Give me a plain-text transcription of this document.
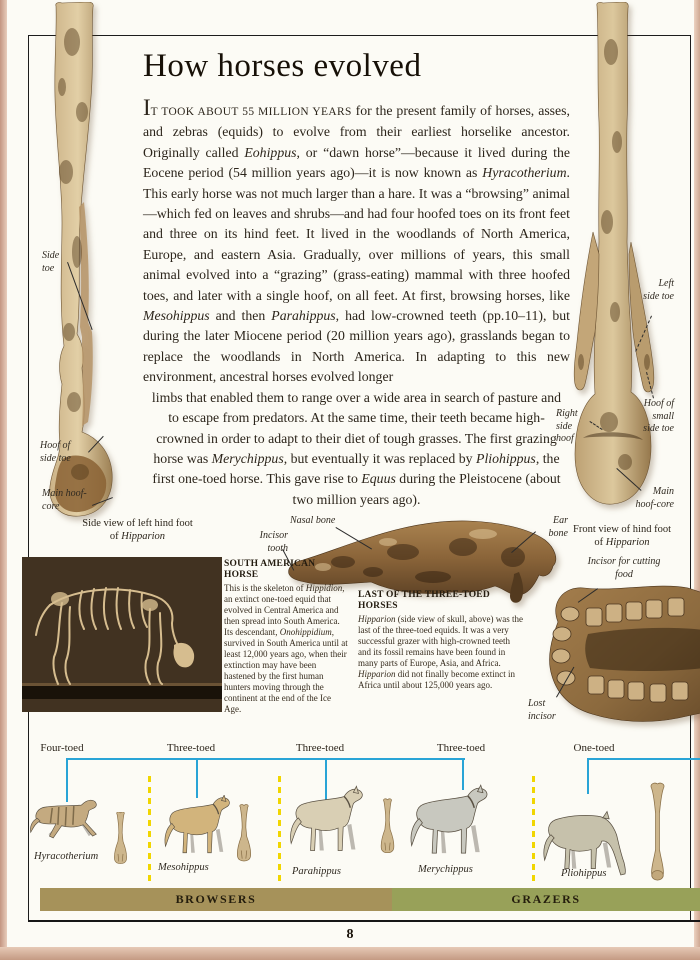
How horses evolved
IT TOOK ABOUT 55 MILLION YEARS for the present family of horses, asses, and zebras (equids) to evolve from their earliest horselike ancestor. Originally called Eohippus, or “dawn horse”—because it lived during the Eocene period (54 million years ago)—it is now known as Hyracotherium. This early horse was not much larger than a hare. It was a “browsing” animal—which fed on leaves and shrubs—and had four hoofed toes on its front feet and three on its hind feet. It lived in the woodlands of North America, Europe, and eastern Asia. Gradually, over millions of years, this small animal evolved into a “grazing” (grass-eating) mammal with three hoofed toes, and later with a single hoof, on all feet. At first, browsing horses, like Mesohippus and then Parahippus, had low-crowned teeth (pp.10–11), but during the later Miocene period (20 million years ago), grasslands began to replace the woodlands in North America. In adapting to this new environment, ancestral horses evolved longer
limbs that enabled them to range over a wide area in search of pasture and to escape from predators. At the same time, their teeth became high-crowned in order to adapt to their diet of tough grasses. The first grazing horse was Merychippus, but eventually it was replaced by Pliohippus, the first one-toed horse. This gave rise to Equus during the Pleistocene (about two million years ago).
Side toe
Hoof of side toe
Main hoof-core
Left side toe
Right side hoof
Hoof of small side toe
Main hoof-core
Nasal bone
Incisor tooth
Ear bone
Incisor for cutting food
Lost incisor
Side view of left hind foot of Hipparion
Front view of hind foot of Hipparion
SOUTH AMERICAN HORSE
This is the skeleton of Hippidion, an extinct one-toed equid that evolved in Central America and then spread into South America. Its descendant, Onohippidium, survived in South America until at least 12,000 years ago, when their extinction may have been hastened by the first human hunters moving through the continent at the end of the Ice Age.
LAST OF THE THREE-TOED HORSES
Hipparion (side view of skull, above) was the last of the three-toed equids. It was a very successful grazer with high-crowned teeth and its fossil remains have been found in many parts of Europe, Asia, and Africa. Hipparion did not finally become extinct in Africa until about 125,000 years ago.
Four-toed	Three-toed	Three-toed	Three-toed	One-toed
Hyracotherium
Mesohippus	Parahippus	Merychippus	Pliohippus
BROWSERS	GRAZERS
8
